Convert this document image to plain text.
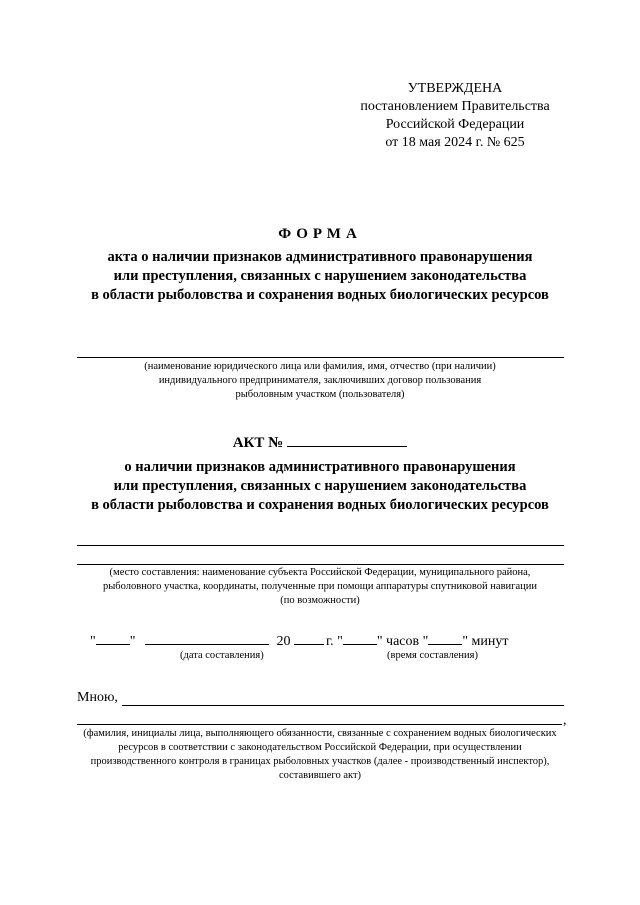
УТВЕРЖДЕНА
постановлением Правительства
Российской Федерации
от 18 мая 2024 г. № 625
ФОРМА
акта о наличии признаков административного правонарушения
или преступления, связанных с нарушением законодательства
в области рыболовства и сохранения водных биологических ресурсов
(наименование юридического лица или фамилия, имя, отчество (при наличии)
индивидуального предпринимателя, заключивших договор пользования
рыболовным участком (пользователя)
АКТ №
о наличии признаков административного правонарушения
или преступления, связанных с нарушением законодательства
в области рыболовства и сохранения водных биологических ресурсов
(место составления: наименование субъекта Российской Федерации, муниципального района,
рыболовного участка, координаты, полученные при помощи аппаратуры спутниковой навигации
(по возможности)
" "	20	г. " " часов " " минут
(дата составления)	(время составления)
Мною,
,
(фамилия, инициалы лица, выполняющего обязанности, связанные с сохранением водных биологических
ресурсов в соответствии с законодательством Российской Федерации, при осуществлении
производственного контроля в границах рыболовных участков (далее - производственный инспектор),
составившего акт)
